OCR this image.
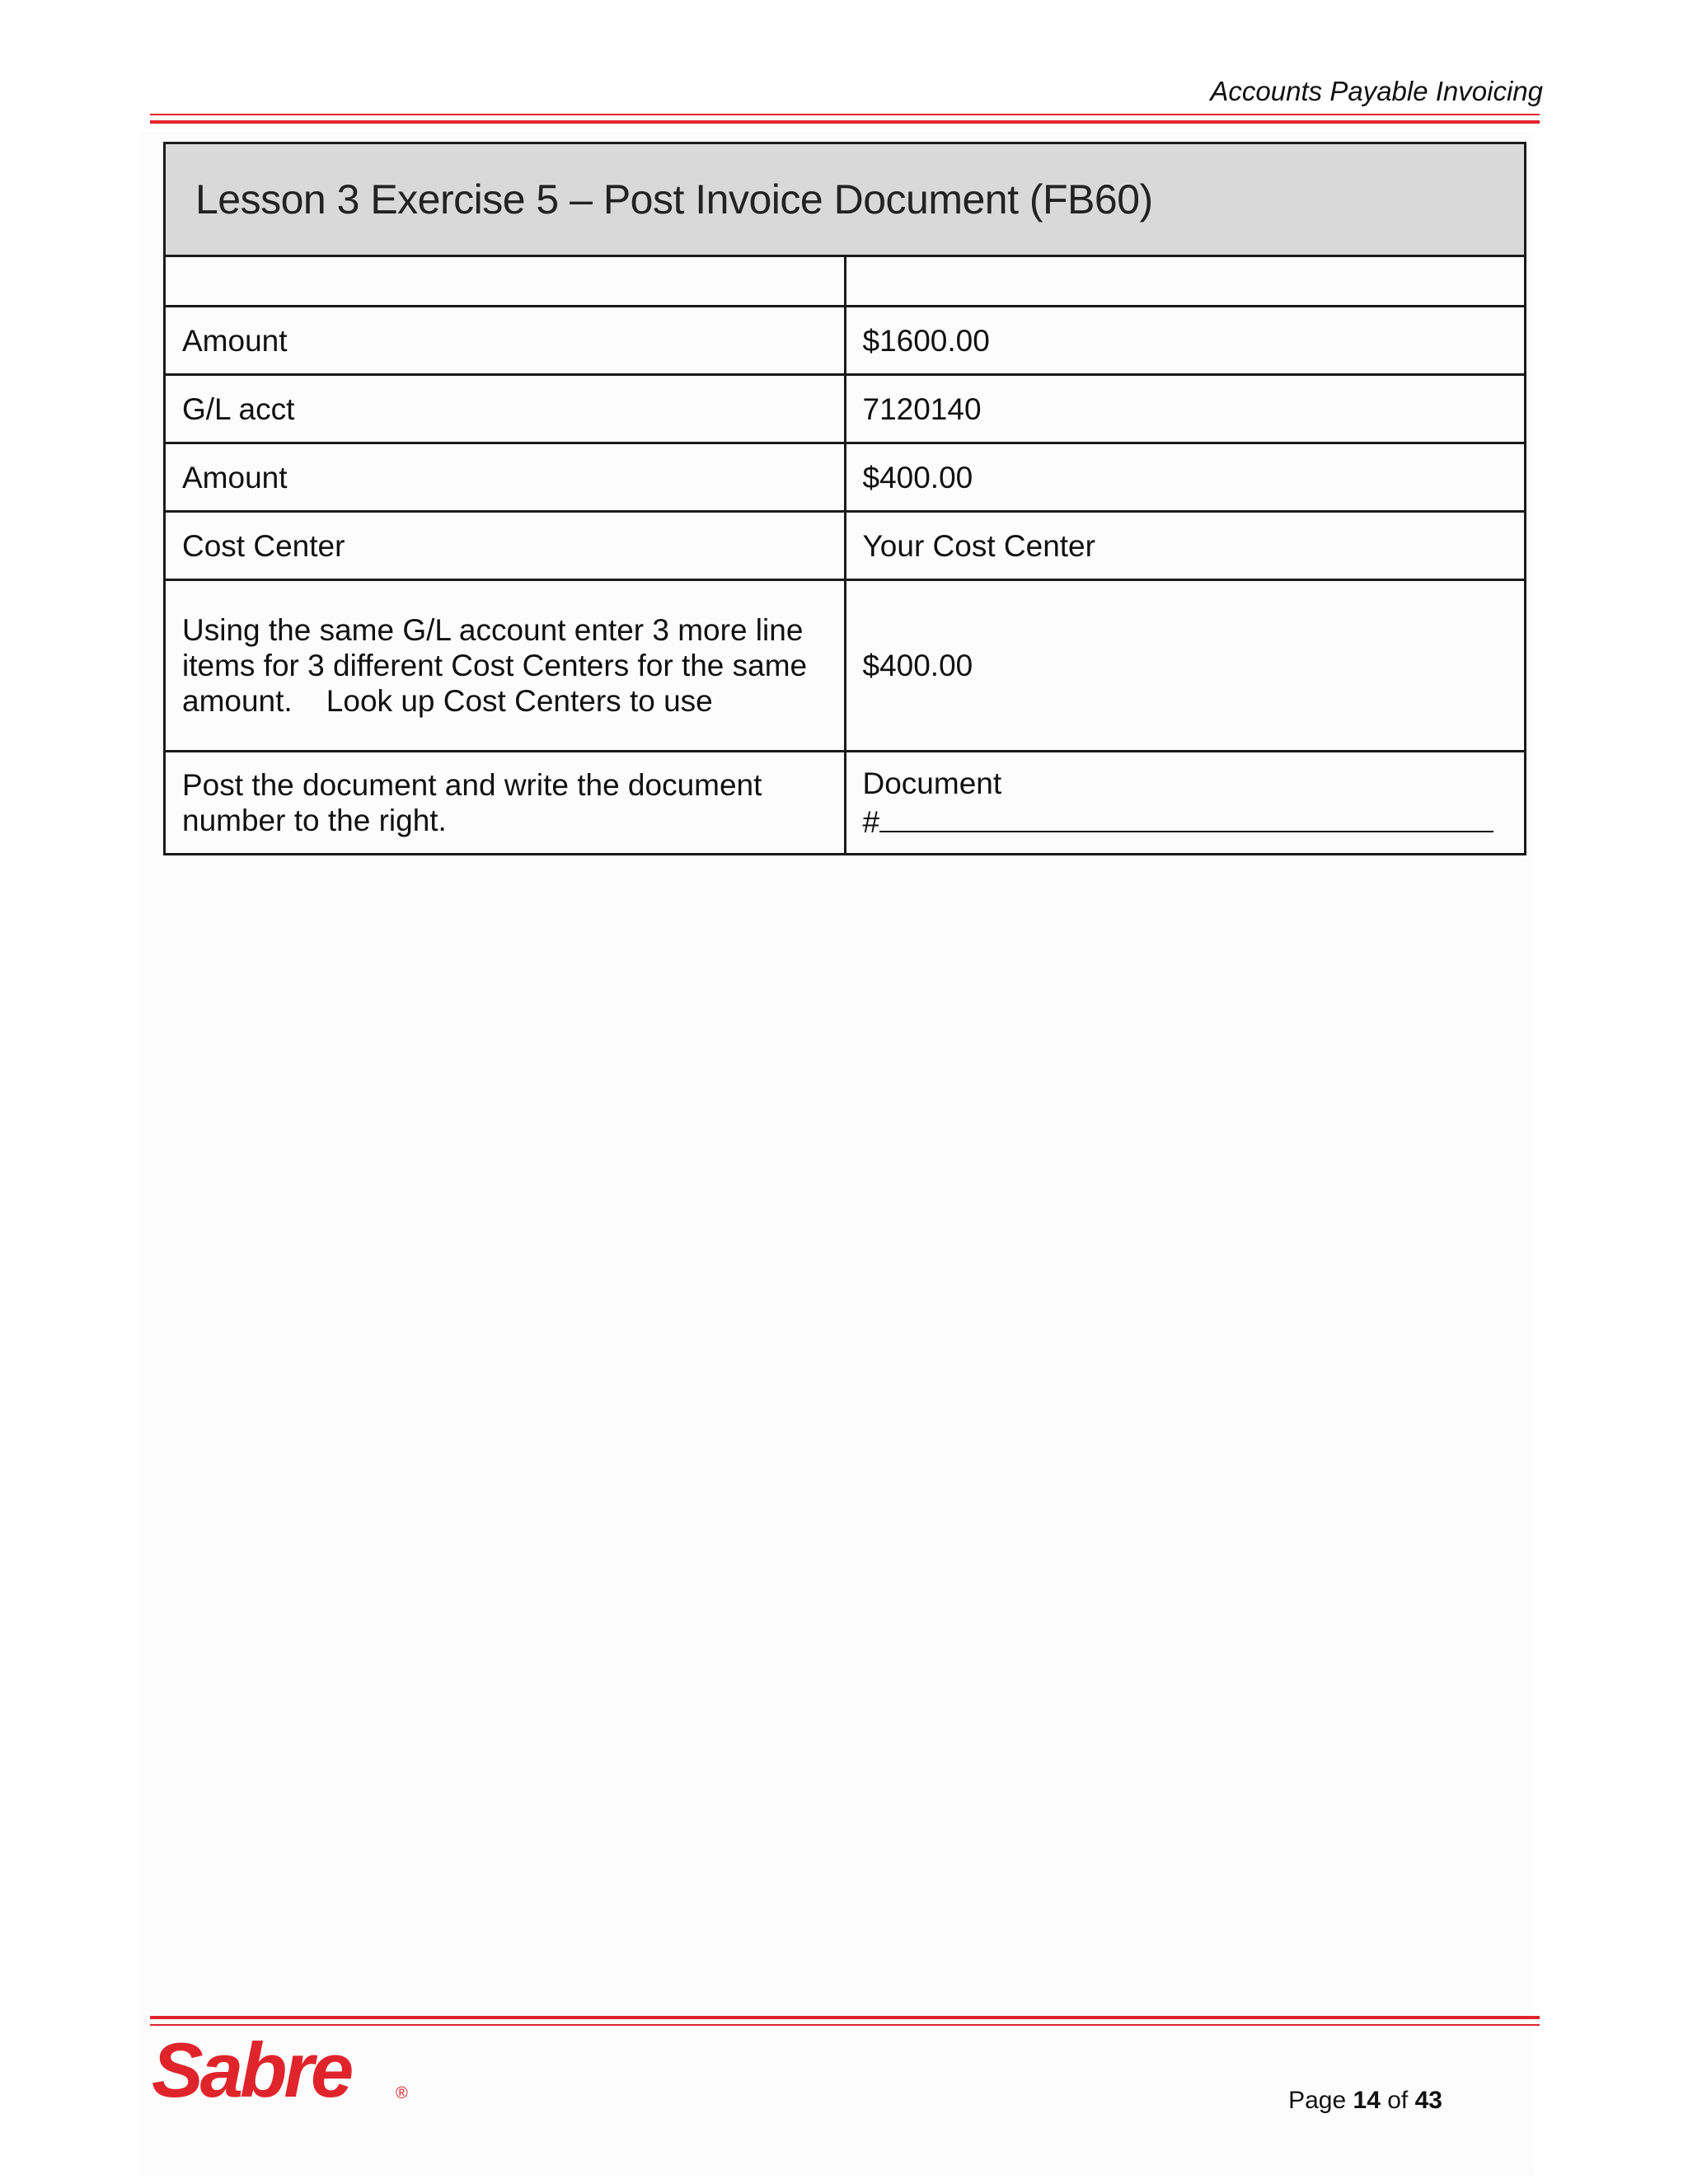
Accounts Payable Invoicing
Lesson 3 Exercise 5 – Post Invoice Document (FB60)	

Amount	$1600.00
G/L acct	7120140
Amount	$400.00
Cost Center	Your Cost Center
Using the same G/L account enter 3 more line items for 3 different Cost Centers for the same amount.    Look up Cost Centers to use	$400.00
Post the document and write the document number to the right.	Document
#
Sabre	®	Page 14 of 43
